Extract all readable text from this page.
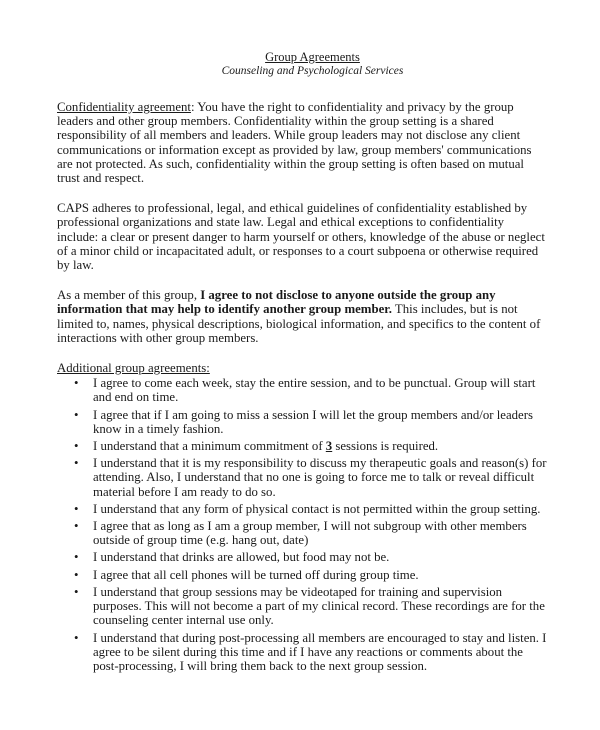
Group Agreements
Counseling and Psychological Services

Confidentiality agreement: You have the right to confidentiality and privacy by the group leaders and other group members. Confidentiality within the group setting is a shared responsibility of all members and leaders. While group leaders may not disclose any client communications or information except as provided by law, group members' communications are not protected. As such, confidentiality within the group setting is often based on mutual trust and respect.

CAPS adheres to professional, legal, and ethical guidelines of confidentiality established by professional organizations and state law. Legal and ethical exceptions to confidentiality include: a clear or present danger to harm yourself or others, knowledge of the abuse or neglect of a minor child or incapacitated adult, or responses to a court subpoena or otherwise required by law.

As a member of this group, I agree to not disclose to anyone outside the group any information that may help to identify another group member. This includes, but is not limited to, names, physical descriptions, biological information, and specifics to the content of interactions with other group members.

Additional group agreements:

• I agree to come each week, stay the entire session, and to be punctual. Group will start and end on time.
• I agree that if I am going to miss a session I will let the group members and/or leaders know in a timely fashion.
• I understand that a minimum commitment of 3 sessions is required.
• I understand that it is my responsibility to discuss my therapeutic goals and reason(s) for attending. Also, I understand that no one is going to force me to talk or reveal difficult material before I am ready to do so.
• I understand that any form of physical contact is not permitted within the group setting.
• I agree that as long as I am a group member, I will not subgroup with other members outside of group time (e.g. hang out, date)
• I understand that drinks are allowed, but food may not be.
• I agree that all cell phones will be turned off during group time.
• I understand that group sessions may be videotaped for training and supervision purposes. This will not become a part of my clinical record. These recordings are for the counseling center internal use only.
• I understand that during post-processing all members are encouraged to stay and listen. I agree to be silent during this time and if I have any reactions or comments about the post-processing, I will bring them back to the next group session.
